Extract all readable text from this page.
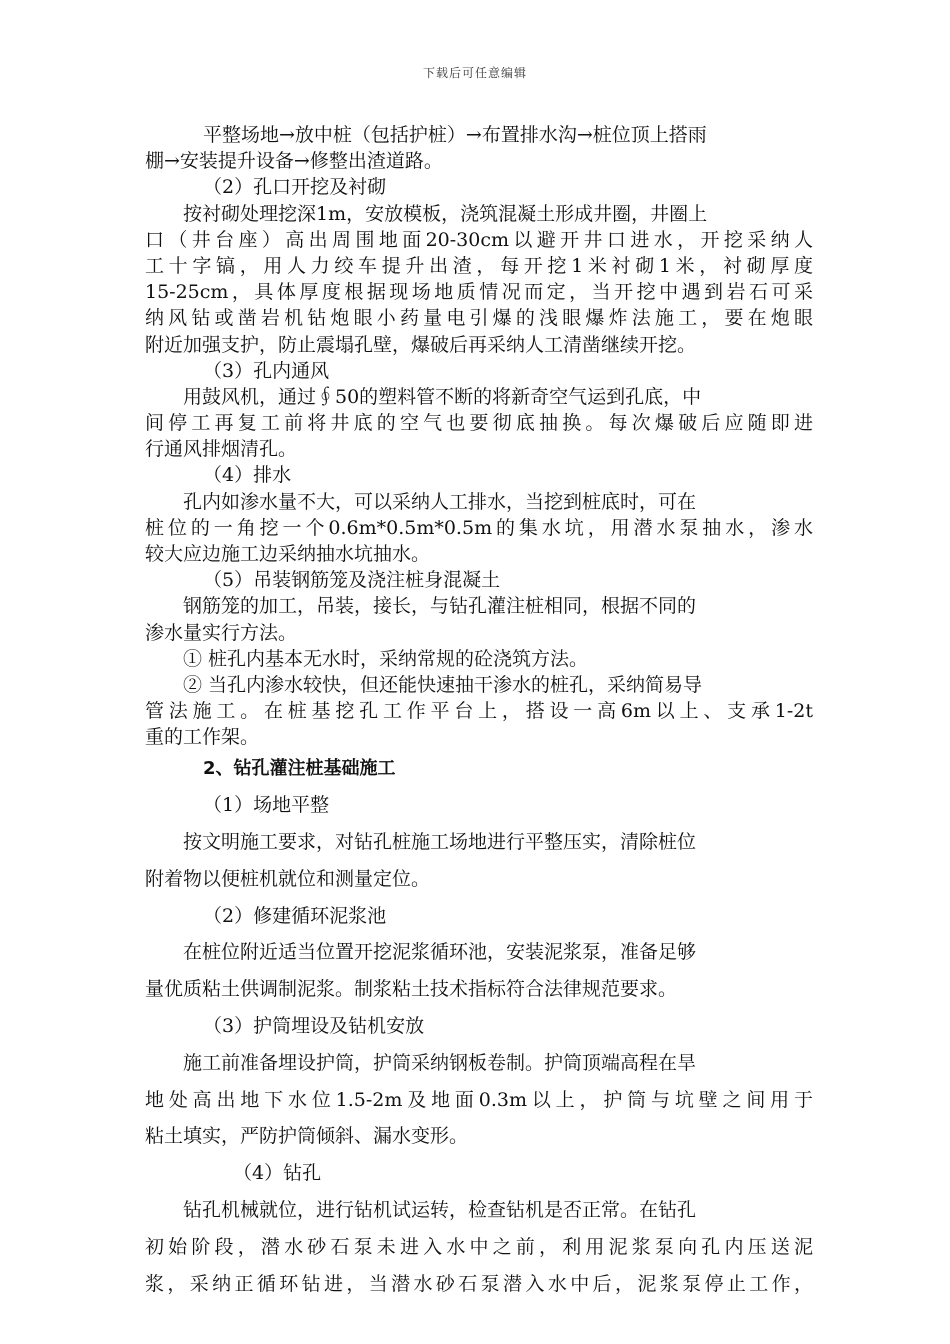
下载后可任意编辑
平整场地→放中桩（包括护桩）→布置排水沟→桩位顶上搭雨
棚→安装提升设备→修整出渣道路。
（2）孔口开挖及衬砌
按衬砌处理挖深1m，安放模板，浇筑混凝土形成井圈，井圈上
口（井台座）高出周围地面20-30cm以避开井口进水，开挖采纳人
工十字镐，用人力绞车提升出渣，每开挖1米衬砌1米，衬砌厚度
15-25cm，具体厚度根据现场地质情况而定，当开挖中遇到岩石可采
纳风钻或凿岩机钻炮眼小药量电引爆的浅眼爆炸法施工，要在炮眼
附近加强支护，防止震塌孔壁，爆破后再采纳人工清凿继续开挖。
（3）孔内通风
用鼓风机，通过∮50的塑料管不断的将新奇空气运到孔底，中
间停工再复工前将井底的空气也要彻底抽换。每次爆破后应随即进
行通风排烟清孔。
（4）排水
孔内如渗水量不大，可以采纳人工排水，当挖到桩底时，可在
桩位的一角挖一个0.6m*0.5m*0.5m的集水坑，用潜水泵抽水，渗水
较大应边施工边采纳抽水坑抽水。
（5）吊装钢筋笼及浇注桩身混凝土
钢筋笼的加工，吊装，接长，与钻孔灌注桩相同，根据不同的
渗水量实行方法。
① 桩孔内基本无水时，采纳常规的砼浇筑方法。
② 当孔内渗水较快，但还能快速抽干渗水的桩孔，采纳简易导
管法施工。在桩基挖孔工作平台上，搭设一高6m以上、支承1-2t
重的工作架。
2、钻孔灌注桩基础施工
（1）场地平整
按文明施工要求，对钻孔桩施工场地进行平整压实，清除桩位
附着物以便桩机就位和测量定位。
（2）修建循环泥浆池
在桩位附近适当位置开挖泥浆循环池，安装泥浆泵，准备足够
量优质粘土供调制泥浆。制浆粘土技术指标符合法律规范要求。
（3）护筒埋设及钻机安放
施工前准备埋设护筒，护筒采纳钢板卷制。护筒顶端高程在旱
地处高出地下水位1.5-2m及地面0.3m以上，护筒与坑壁之间用于
粘土填实，严防护筒倾斜、漏水变形。
（4）钻孔
钻孔机械就位，进行钻机试运转，检查钻机是否正常。在钻孔
初始阶段，潜水砂石泵未进入水中之前，利用泥浆泵向孔内压送泥
浆，采纳正循环钻进，当潜水砂石泵潜入水中后，泥浆泵停止工作，
